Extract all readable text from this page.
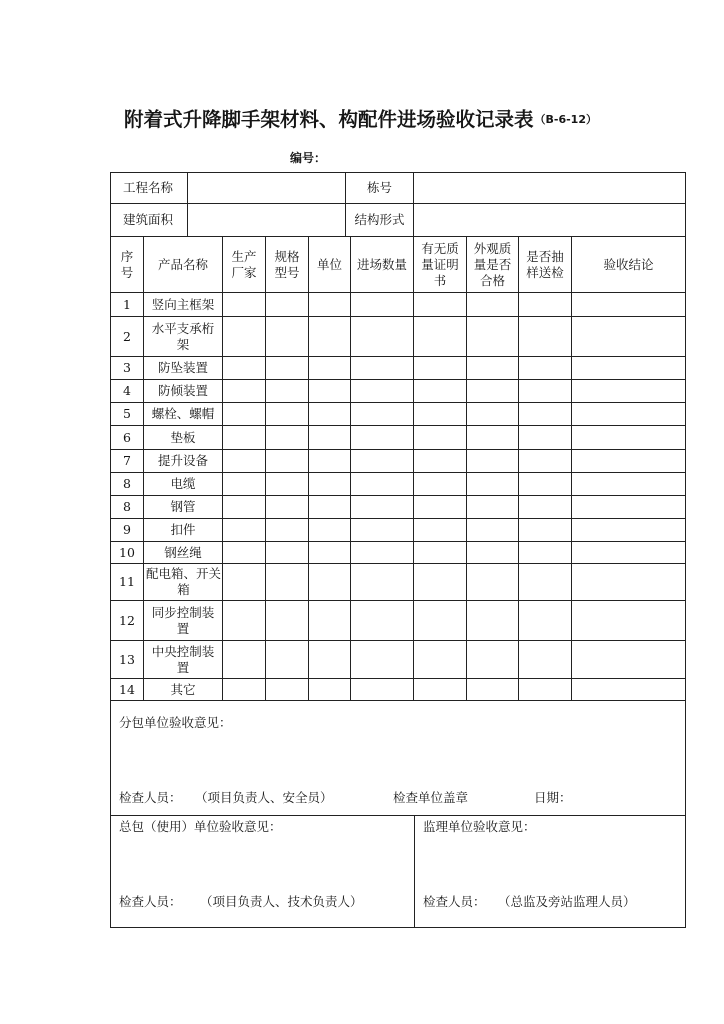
附着式升降脚手架材料、构配件进场验收记录表（B-6-12）
编号：
工程名称		栋号	
建筑面积		结构形式	
序号	产品名称	生产厂家	规格型号	单位	进场数量	有无质量证明书	外观质量是否合格	是否抽样送检	验收结论
1	竖向主框架								
2	水平支承桁架								
3	防坠装置								
4	防倾装置								
5	螺栓、螺帽								
6	垫板								
7	提升设备								
8	电缆								
8	钢管								
9	扣件								
10	钢丝绳								
11	配电箱、开关箱								
12	同步控制装置								
13	中央控制装置								
14	其它								
分包单位验收意见：
检查人员： （项目负责人、安全员）	检查单位盖章	日期：

总包（使用）单位验收意见：
检查人员： （项目负责人、技术负责人）

监理单位验收意见：
检查人员： （总监及旁站监理人员）
